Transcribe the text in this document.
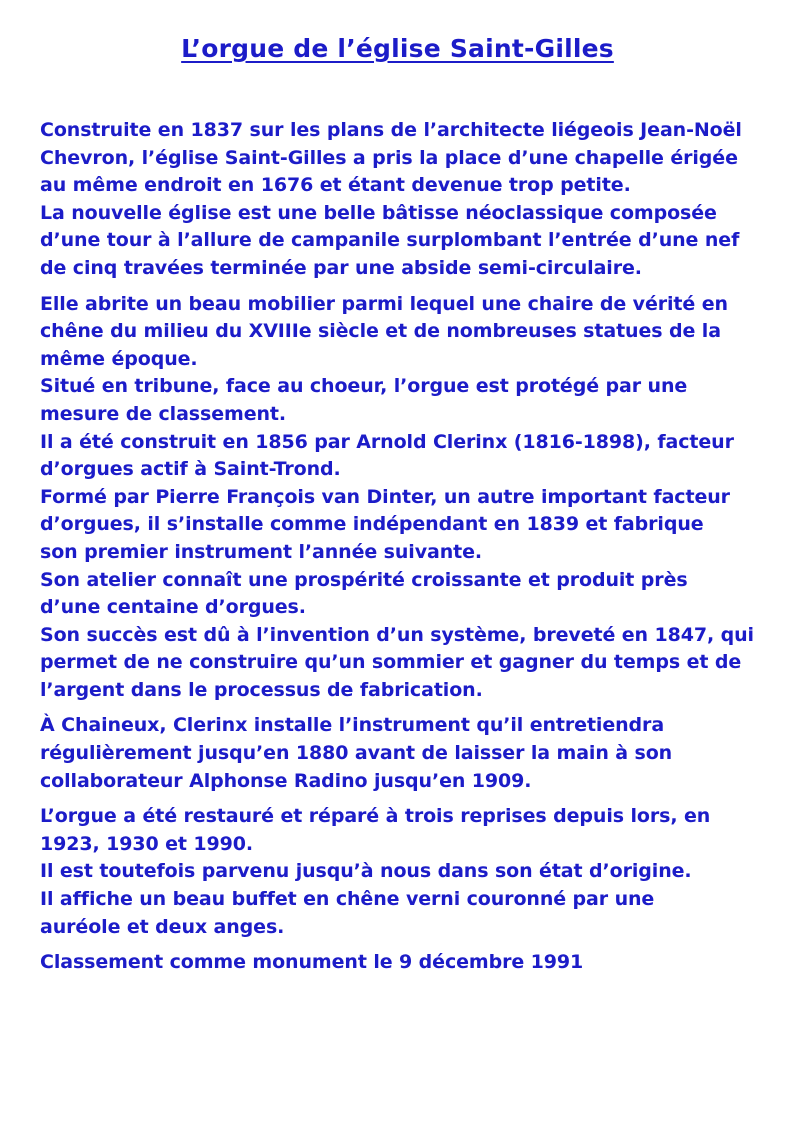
L’orgue de l’église Saint-Gilles

Construite en 1837 sur les plans de l’architecte liégeois Jean-Noël
Chevron, l’église Saint-Gilles a pris la place d’une chapelle érigée
au même endroit en 1676 et étant devenue trop petite.
La nouvelle église est une belle bâtisse néoclassique composée
d’une tour à l’allure de campanile surplombant l’entrée d’une nef
de cinq travées terminée par une abside semi-circulaire.

Elle abrite un beau mobilier parmi lequel une chaire de vérité en
chêne du milieu du XVIIIe siècle et de nombreuses statues de la
même époque.
Situé en tribune, face au choeur, l’orgue est protégé par une
mesure de classement.
Il a été construit en 1856 par Arnold Clerinx (1816-1898), facteur
d’orgues actif à Saint-Trond.
Formé par Pierre François van Dinter, un autre important facteur
d’orgues, il s’installe comme indépendant en 1839 et fabrique
son premier instrument l’année suivante.
Son atelier connaît une prospérité croissante et produit près
d’une centaine d’orgues.
Son succès est dû à l’invention d’un système, breveté en 1847, qui
permet de ne construire qu’un sommier et gagner du temps et de
l’argent dans le processus de fabrication.

À Chaineux, Clerinx installe l’instrument qu’il entretiendra
régulièrement jusqu’en 1880 avant de laisser la main à son
collaborateur Alphonse Radino jusqu’en 1909.

L’orgue a été restauré et réparé à trois reprises depuis lors, en
1923, 1930 et 1990.
Il est toutefois parvenu jusqu’à nous dans son état d’origine.
Il affiche un beau buffet en chêne verni couronné par une
auréole et deux anges.

Classement comme monument le 9 décembre 1991
